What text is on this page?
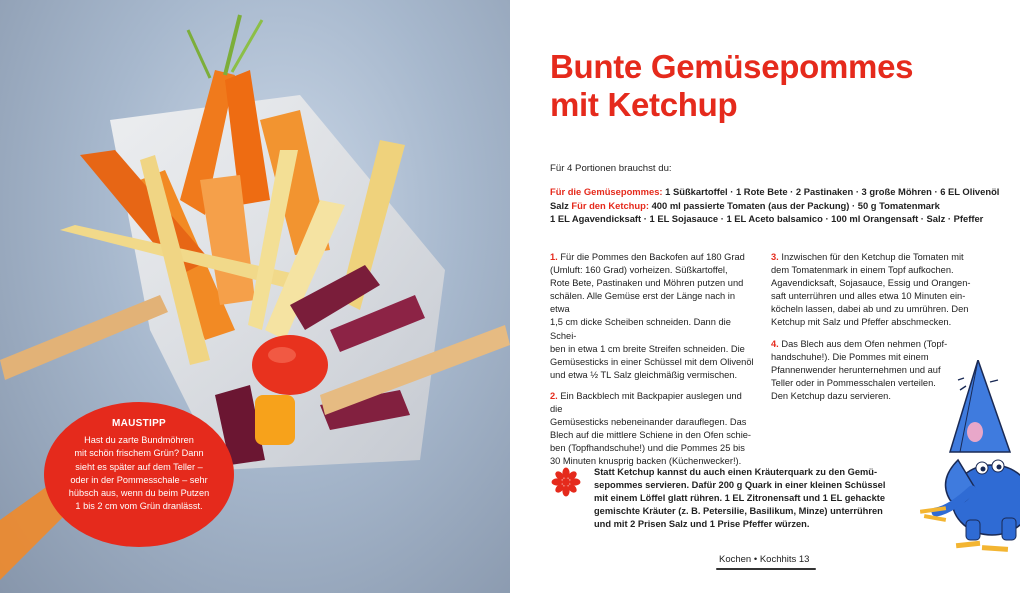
MAUSTIPP
Hast du zarte Bundmöhren
mit schön frischem Grün? Dann
sieht es später auf dem Teller –
oder in der Pommesschale – sehr
hübsch aus, wenn du beim Putzen
1 bis 2 cm vom Grün dranlässt.
Bunte Gemüsepommes
mit Ketchup
Für 4 Portionen brauchst du:
Für die Gemüsepommes: 1 Süßkartoffel · 1 Rote Bete · 2 Pastinaken · 3 große Möhren · 6 EL Olivenöl
Salz Für den Ketchup: 400 ml passierte Tomaten (aus der Packung) · 50 g Tomatenmark
1 EL Agavendicksaft · 1 EL Sojasauce · 1 EL Aceto balsamico · 100 ml Orangensaft · Salz · Pfeffer

1. Für die Pommes den Backofen auf 180 Grad
(Umluft: 160 Grad) vorheizen. Süßkartoffel,
Rote Bete, Pastinaken und Möhren putzen und
schälen. Alle Gemüse erst der Länge nach in etwa
1,5 cm dicke Scheiben schneiden. Dann die Schei-
ben in etwa 1 cm breite Streifen schneiden. Die
Gemüsesticks in einer Schüssel mit dem Olivenöl
und etwa ½ TL Salz gleichmäßig vermischen.

2. Ein Backblech mit Backpapier auslegen und die
Gemüsesticks nebeneinander darauflegen. Das
Blech auf die mittlere Schiene in den Ofen schie-
ben (Topfhandschuhe!) und die Pommes 25 bis
30 Minuten knusprig backen (Küchenwecker!).

3. Inzwischen für den Ketchup die Tomaten mit
dem Tomatenmark in einem Topf aufkochen.
Agavendicksaft, Sojasauce, Essig und Orangen-
saft unterrühren und alles etwa 10 Minuten ein-
köcheln lassen, dabei ab und zu umrühren. Den
Ketchup mit Salz und Pfeffer abschmecken.

4. Das Blech aus dem Ofen nehmen (Topf-
handschuhe!). Die Pommes mit einem
Pfannenwender herunternehmen und auf
Teller oder in Pommesschalen verteilen.
Den Ketchup dazu servieren.

Statt Ketchup kannst du auch einen Kräuterquark zu den Gemü-
sepommes servieren. Dafür 200 g Quark in einer kleinen Schüssel
mit einem Löffel glatt rühren. 1 EL Zitronensaft und 1 EL gehackte
gemischte Kräuter (z. B. Petersilie, Basilikum, Minze) unterrühren
und mit 2 Prisen Salz und 1 Prise Pfeffer würzen.
Kochen • Kochhits 13
